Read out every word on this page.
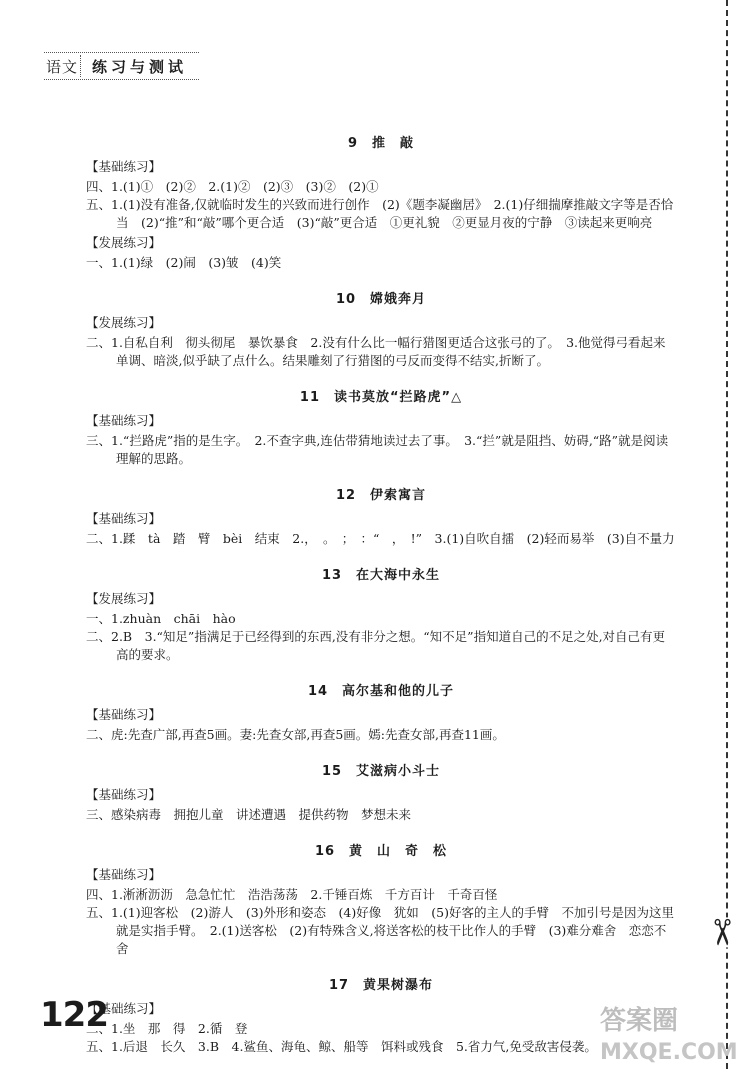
语文 练习与测试
✂
9　推　敲
【基础练习】

四、1.(1)①　(2)②　2.(1)②　(2)③　(3)②　(2)①

五、1.(1)没有准备,仅就临时发生的兴致而进行创作　(2)《题李凝幽居》　2.(1)仔细揣摩推敲文字等是否恰当　(2)“推”和“敲”哪个更合适　(3)“敲”更合适　①更礼貌　②更显月夜的宁静　③读起来更响亮

【发展练习】

一、1.(1)绿　(2)闹　(3)皱　(4)笑

10　嫦娥奔月
【发展练习】

二、1.自私自利　彻头彻尾　暴饮暴食　2.没有什么比一幅行猎图更适合这张弓的了。　3.他觉得弓看起来单调、暗淡,似乎缺了点什么。结果雕刻了行猎图的弓反而变得不结实,折断了。

11　读书莫放“拦路虎”△
【基础练习】

三、1.“拦路虎”指的是生字。　2.不查字典,连估带猜地读过去了事。　3.“拦”就是阻挡、妨碍,“路”就是阅读理解的思路。

12　伊索寓言
【基础练习】

二、1.蹂　tà　踏　臂　bèi　结束　2.，　。　；　：“　，　!”　3.(1)自吹自擂　(2)轻而易举　(3)自不量力

13　在大海中永生
【发展练习】

一、1.zhuàn　chāi　hào

二、2.B　3.“知足”指满足于已经得到的东西,没有非分之想。“知不足”指知道自己的不足之处,对自己有更高的要求。

14　高尔基和他的儿子
【基础练习】

二、虎:先查广部,再查5画。妻:先查女部,再查5画。嫣:先查女部,再查11画。

15　艾滋病小斗士
【基础练习】

三、感染病毒　拥抱儿童　讲述遭遇　提供药物　梦想未来

16　黄　山　奇　松
【基础练习】

四、1.淅淅沥沥　急急忙忙　浩浩荡荡　2.千锤百炼　千方百计　千奇百怪

五、1.(1)迎客松　(2)游人　(3)外形和姿态　(4)好像　犹如　(5)好客的主人的手臂　不加引号是因为这里就是实指手臂。　2.(1)送客松　(2)有特殊含义,将送客松的枝干比作人的手臂　(3)难分难舍　恋恋不舍

17　黄果树瀑布
【基础练习】

二、1.坐　那　得　2.循　登

五、1.后退　长久　3.B　4.鲨鱼、海龟、鲸、船等　饵料或残食　5.省力气,免受敌害侵袭。

122	答案圈
MXQE.COM
